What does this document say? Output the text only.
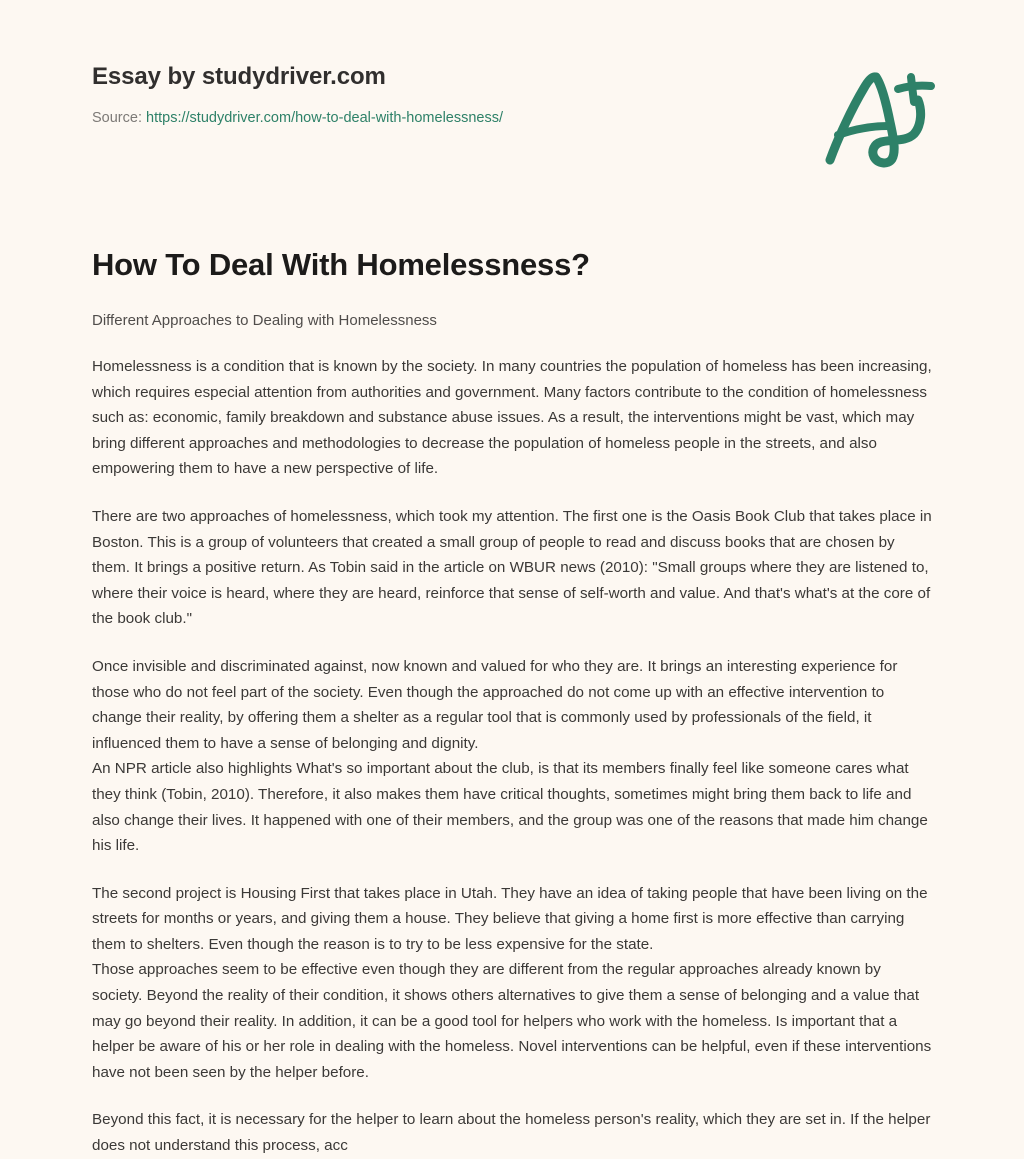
Essay by studydriver.com
Source: https://studydriver.com/how-to-deal-with-homelessness/
How To Deal With Homelessness?
Different Approaches to Dealing with Homelessness

Homelessness is a condition that is known by the society. In many countries the population of homeless has been increasing, which requires especial attention from authorities and government. Many factors contribute to the condition of homelessness such as: economic, family breakdown and substance abuse issues. As a result, the interventions might be vast, which may bring different approaches and methodologies to decrease the population of homeless people in the streets, and also empowering them to have a new perspective of life.

There are two approaches of homelessness, which took my attention. The first one is the Oasis Book Club that takes place in Boston. This is a group of volunteers that created a small group of people to read and discuss books that are chosen by them. It brings a positive return. As Tobin said in the article on WBUR news (2010): "Small groups where they are listened to, where their voice is heard, where they are heard, reinforce that sense of self-worth and value. And that's what's at the core of the book club."

Once invisible and discriminated against, now known and valued for who they are. It brings an interesting experience for those who do not feel part of the society. Even though the approached do not come up with an effective intervention to change their reality, by offering them a shelter as a regular tool that is commonly used by professionals of the field, it influenced them to have a sense of belonging and dignity.

An NPR article also highlights What's so important about the club, is that its members finally feel like someone cares what they think (Tobin, 2010). Therefore, it also makes them have critical thoughts, sometimes might bring them back to life and also change their lives. It happened with one of their members, and the group was one of the reasons that made him change his life.

The second project is Housing First that takes place in Utah. They have an idea of taking people that have been living on the streets for months or years, and giving them a house. They believe that giving a home first is more effective than carrying them to shelters. Even though the reason is to try to be less expensive for the state.

Those approaches seem to be effective even though they are different from the regular approaches already known by society. Beyond the reality of their condition, it shows others alternatives to give them a sense of belonging and a value that may go beyond their reality. In addition, it can be a good tool for helpers who work with the homeless. Is important that a helper be aware of his or her role in dealing with the homeless. Novel interventions can be helpful, even if these interventions have not been seen by the helper before.

Beyond this fact, it is necessary for the helper to learn about the homeless person's reality, which they are set in. If the helper does not understand this process, acc
